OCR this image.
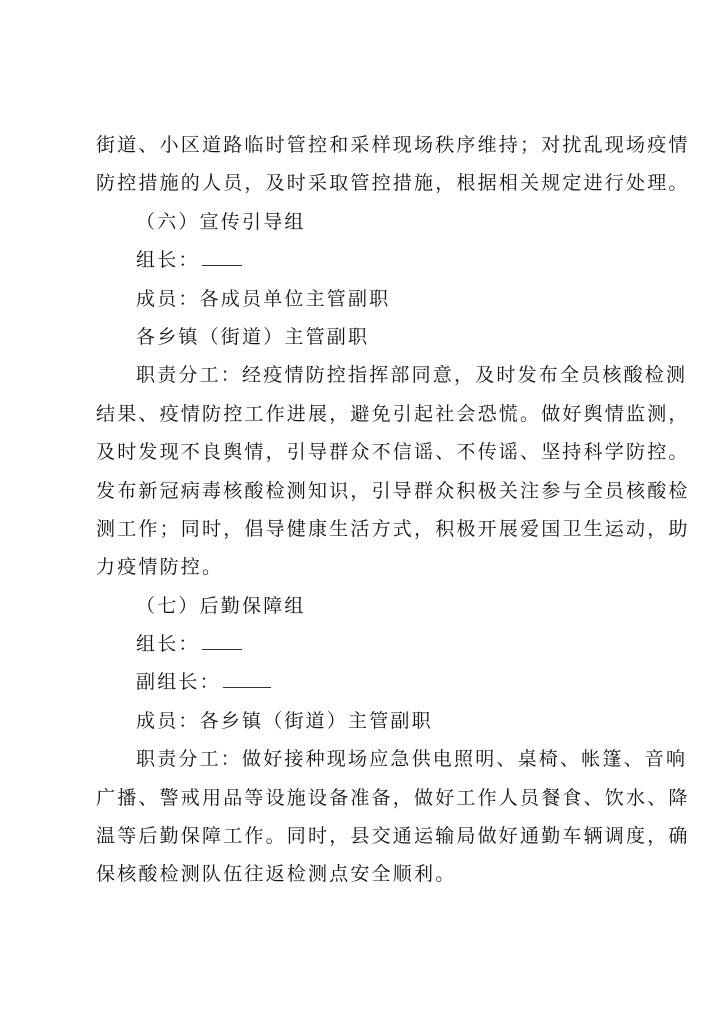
街道、小区道路临时管控和采样现场秩序维持；对扰乱现场疫情
防控措施的人员，及时采取管控措施，根据相关规定进行处理。
（六）宣传引导组
组长：
成员：各成员单位主管副职
各乡镇（街道）主管副职
职责分工：经疫情防控指挥部同意，及时发布全员核酸检测
结果、疫情防控工作进展，避免引起社会恐慌。做好舆情监测，
及时发现不良舆情，引导群众不信谣、不传谣、坚持科学防控。
发布新冠病毒核酸检测知识，引导群众积极关注参与全员核酸检
测工作；同时，倡导健康生活方式，积极开展爱国卫生运动，助
力疫情防控。
（七）后勤保障组
组长：
副组长：
成员：各乡镇（街道）主管副职
职责分工：做好接种现场应急供电照明、桌椅、帐篷、音响
广播、警戒用品等设施设备准备，做好工作人员餐食、饮水、降
温等后勤保障工作。同时，县交通运输局做好通勤车辆调度，确
保核酸检测队伍往返检测点安全顺利。
